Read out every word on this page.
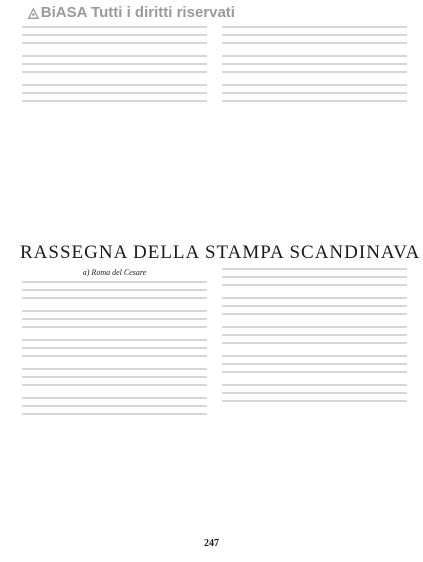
◬ BiASA Tutti i diritti riservati

RASSEGNA DELLA STAMPA SCANDINAVA
a) Roma del Cesare

247
